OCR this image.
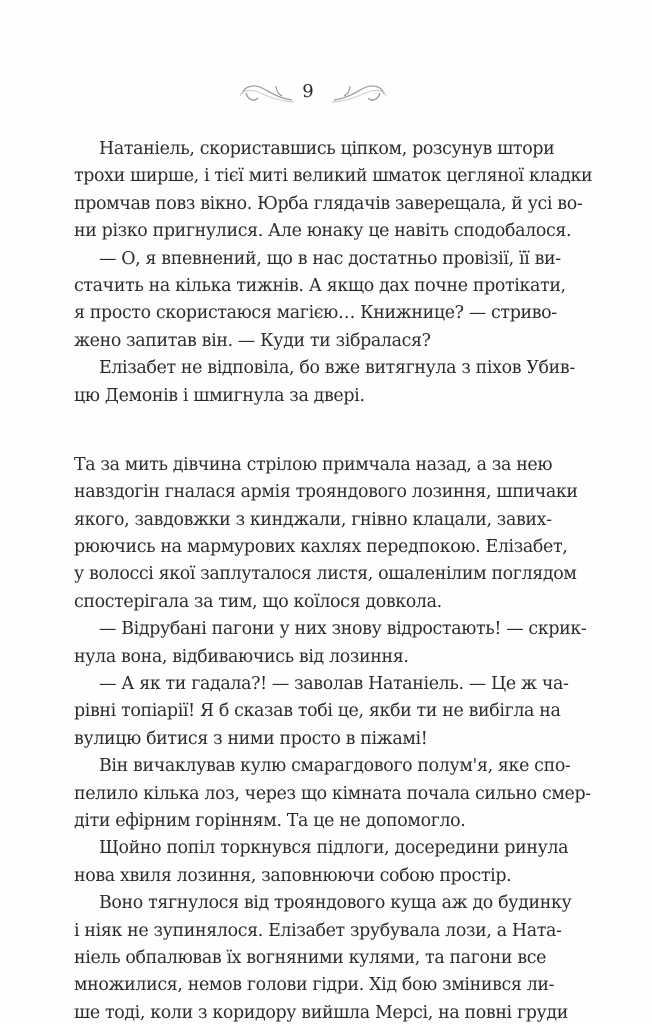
9
Натаніель, скориставшись ціпком, розсунув штори
трохи ширше, і тієї миті великий шматок цегляної кладки
промчав повз вікно. Юрба глядачів заверещала, й усі во-
ни різко пригнулися. Але юнаку це навіть сподобалося.
— О, я впевнений, що в нас достатньо провізії, її ви-
стачить на кілька тижнів. А якщо дах почне протікати,
я просто скористаюся магією… Книжнице? — стриво-
жено запитав він. — Куди ти зібралася?
Елізабет не відповіла, бо вже витягнула з піхов Убив-
цю Демонів і шмигнула за двері.
Та за мить дівчина стрілою примчала назад, а за нею
навздогін гналася армія трояндового лозиння, шпичаки
якого, завдовжки з кинджали, гнівно клацали, завих-
рюючись на мармурових кахлях передпокою. Елізабет,
у волоссі якої заплуталося листя, ошаленілим поглядом
спостерігала за тим, що коїлося довкола.
— Відрубані пагони у них знову відростають! — скрик-
нула вона, відбиваючись від лозиння.
— А як ти гадала?! — заволав Натаніель. — Це ж ча-
рівні топіарії! Я б сказав тобі це, якби ти не вибігла на
вулицю битися з ними просто в піжамі!
Він вичаклував кулю смарагдового полум'я, яке спо-
пелило кілька лоз, через що кімната почала сильно смер-
діти ефірним горінням. Та це не допомогло.
Щойно попіл торкнувся підлоги, досередини ринула
нова хвиля лозиння, заповнюючи собою простір.
Воно тягнулося від трояндового куща аж до будинку
і ніяк не зупинялося. Елізабет зрубувала лози, а Ната-
ніель обпалював їх вогняними кулями, та пагони все
множилися, немов голови гідри. Хід бою змінився ли-
ше тоді, коли з коридору вийшла Мерсі, на повні груди
